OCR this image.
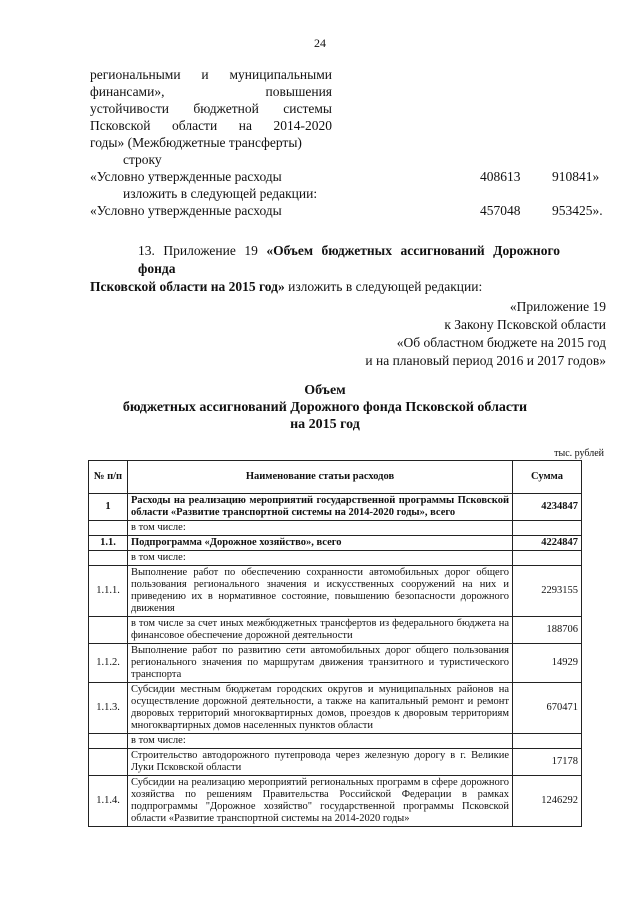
24
региональными и муниципальными
финансами», повышения
устойчивости бюджетной системы
Псковской области на 2014-2020
годы» (Межбюджетные трансферты)
строку
«Условно утвержденные расходы	408613 910841»
изложить в следующей редакции:
«Условно утвержденные расходы	457048 953425».
13. Приложение 19 «Объем бюджетных ассигнований Дорожного фонда
Псковской области на 2015 год» изложить в следующей редакции:
«Приложение 19
к Закону Псковской области
«Об областном бюджете на 2015 год
и на плановый период 2016 и 2017 годов»
Объем
бюджетных ассигнований Дорожного фонда Псковской области
на 2015 год
тыс. рублей
№ п/п	Наименование статьи расходов	Сумма
1	Расходы на реализацию мероприятий государственной программы Псковской области «Развитие транспортной системы на 2014-2020 годы», всего	4234847
	в том числе:	
1.1.	Подпрограмма «Дорожное хозяйство», всего	4224847
	в том числе:	
1.1.1.	Выполнение работ по обеспечению сохранности автомобильных дорог общего пользования регионального значения и искусственных сооружений на них и приведению их в нормативное состояние, повышению безопасности дорожного движения	2293155
	в том числе за счет иных межбюджетных трансфертов из федерального бюджета на финансовое обеспечение дорожной деятельности	188706
1.1.2.	Выполнение работ по развитию сети автомобильных дорог общего пользования регионального значения по маршрутам движения транзитного и туристического транспорта	14929
1.1.3.	Субсидии местным бюджетам городских округов и муниципальных районов на осуществление дорожной деятельности, а также на капитальный ремонт и ремонт дворовых территорий многоквартирных домов, проездов к дворовым территориям многоквартирных домов населенных пунктов области	670471
	в том числе:	
	Строительство автодорожного путепровода через железную дорогу в г. Великие Луки Псковской области	17178
1.1.4.	Субсидии на реализацию мероприятий региональных программ в сфере дорожного хозяйства по решениям Правительства Российской Федерации в рамках подпрограммы "Дорожное хозяйство" государственной программы Псковской области «Развитие транспортной системы на 2014-2020 годы»	1246292
